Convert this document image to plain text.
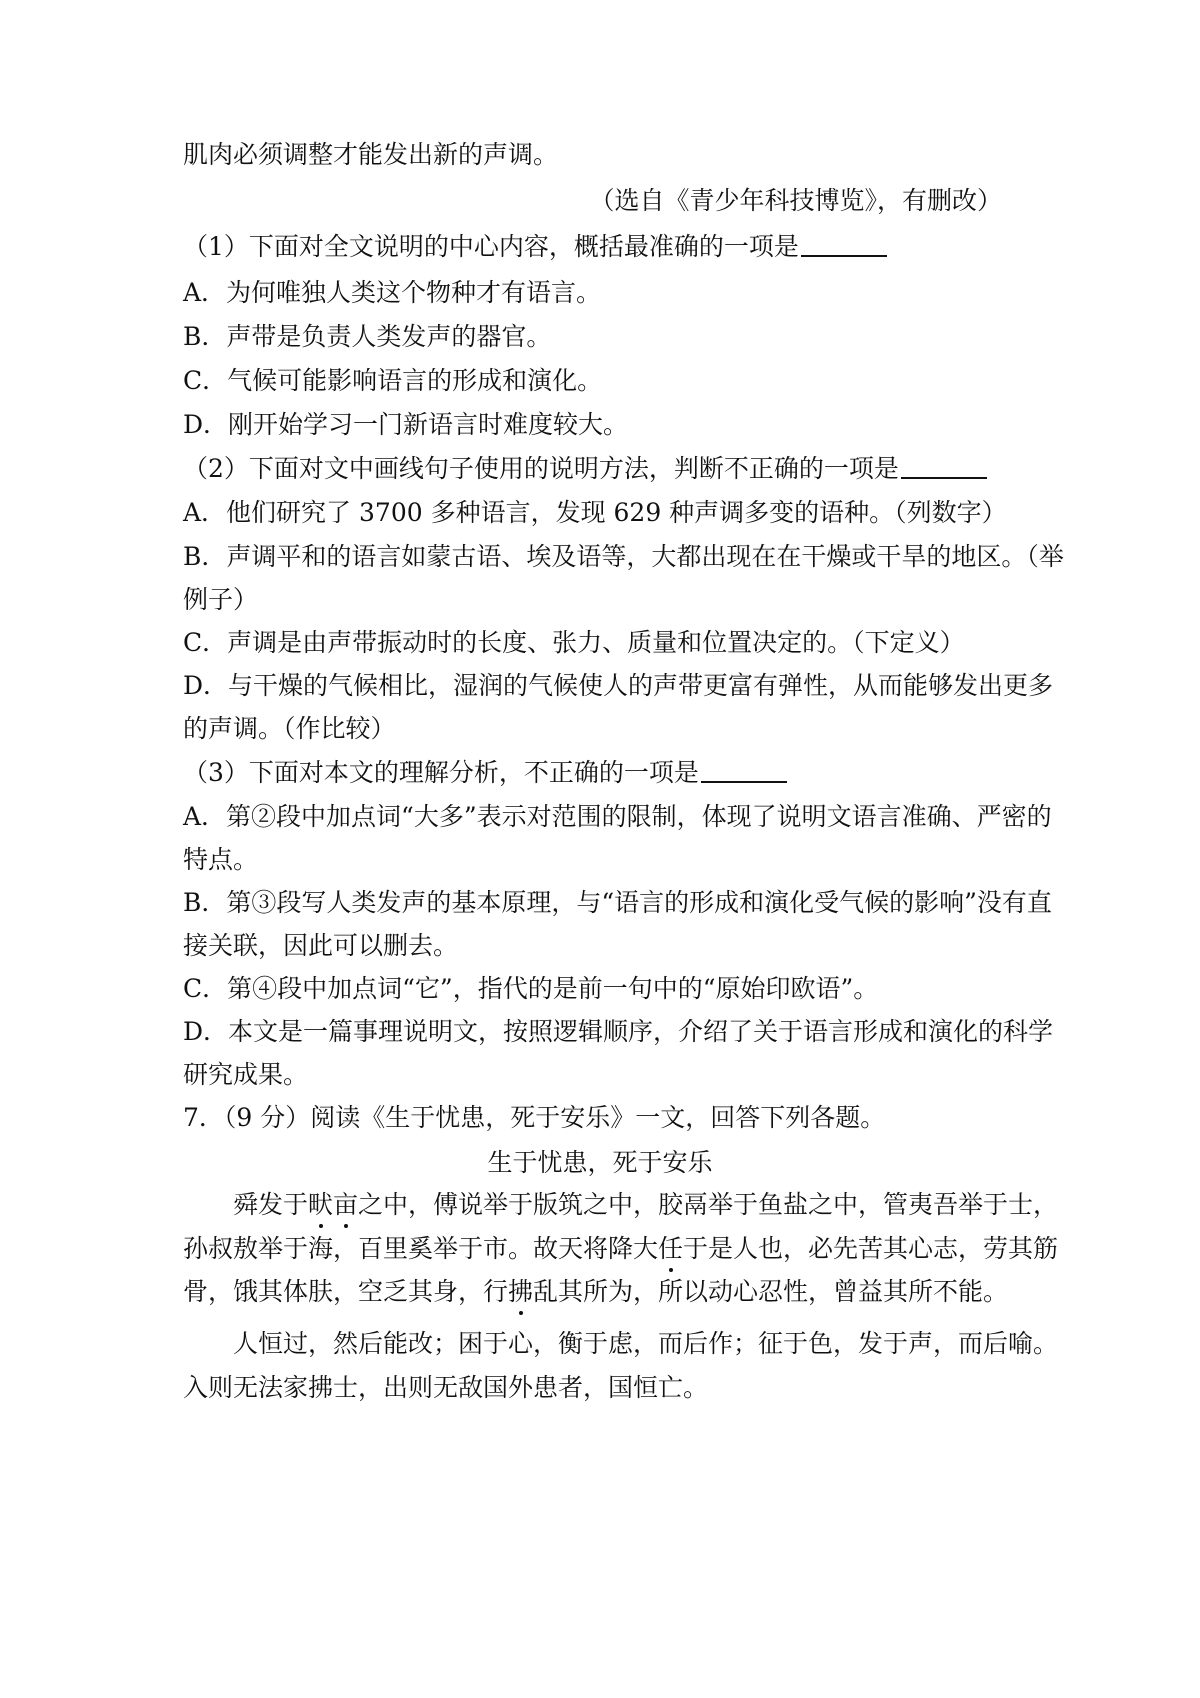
肌肉必须调整才能发出新的声调。
（选自《青少年科技博览》，有删改）
（1）下面对全文说明的中心内容，概括最准确的一项是
A．为何唯独人类这个物种才有语言。
B．声带是负责人类发声的器官。
C．气候可能影响语言的形成和演化。
D．刚开始学习一门新语言时难度较大。
（2）下面对文中画线句子使用的说明方法，判断不正确的一项是
A．他们研究了 3700 多种语言，发现 629 种声调多变的语种。（列数字）
B．声调平和的语言如蒙古语、埃及语等，大都出现在在干燥或干旱的地区。（举
例子）
C．声调是由声带振动时的长度、张力、质量和位置决定的。（下定义）
D．与干燥的气候相比，湿润的气候使人的声带更富有弹性，从而能够发出更多
的声调。（作比较）
（3）下面对本文的理解分析，不正确的一项是
A．第②段中加点词“大多”表示对范围的限制，体现了说明文语言准确、严密的
特点。
B．第③段写人类发声的基本原理，与“语言的形成和演化受气候的影响”没有直
接关联，因此可以删去。
C．第④段中加点词“它”，指代的是前一句中的“原始印欧语”。
D．本文是一篇事理说明文，按照逻辑顺序，介绍了关于语言形成和演化的科学
研究成果。
7．（9 分）阅读《生于忧患，死于安乐》一文，回答下列各题。
生于忧患，死于安乐
舜发于畎亩之中，傅说举于版筑之中，胶鬲举于鱼盐之中，管夷吾举于士，
孙叔敖举于海，百里奚举于市。故天将降大任于是人也，必先苦其心志，劳其筋
骨，饿其体肤，空乏其身，行拂乱其所为，所以动心忍性，曾益其所不能。
人恒过，然后能改；困于心，衡于虑，而后作；征于色，发于声，而后喻。
入则无法家拂士，出则无敌国外患者，国恒亡。
